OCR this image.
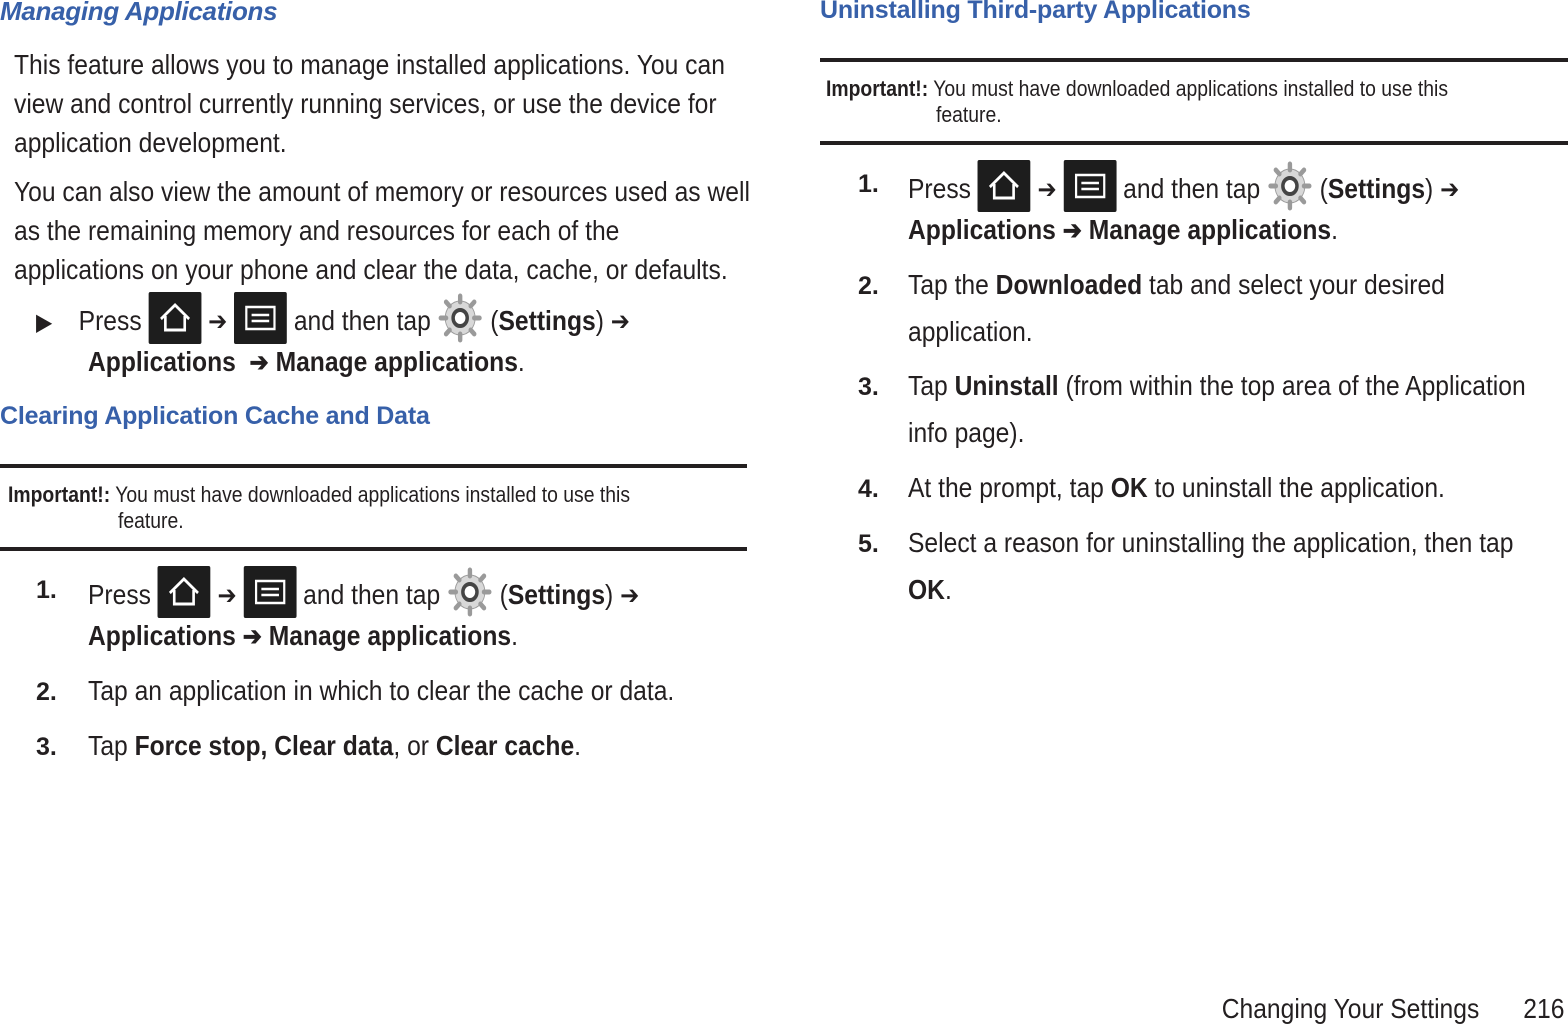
Managing Applications

This feature allows you to manage installed applications. You can view and control currently running services, or use the device for application development.

You can also view the amount of memory or resources used as well as the remaining memory and resources for each of the applications on your phone and clear the data, cache, or defaults.

▶ Press	➔ and then tap (Settings) ➔
Applications ➔ Manage applications.
Clearing Application Cache and Data
Important!: You must have downloaded applications installed to use this
feature.
1. Press	➔ and then tap (Settings) ➔
Applications ➔ Manage applications.
2. Tap an application in which to clear the cache or data.
3. Tap Force stop, Clear data, or Clear cache.
Uninstalling Third-party Applications
Important!: You must have downloaded applications installed to use this
feature.
1. Press	➔ and then tap (Settings) ➔
Applications ➔ Manage applications.
2. Tap the Downloaded tab and select your desired
application.
3. Tap Uninstall (from within the top area of the Application
info page).
4. At the prompt, tap OK to uninstall the application.
5. Select a reason for uninstalling the application, then tap
OK.
Changing Your Settings 216
